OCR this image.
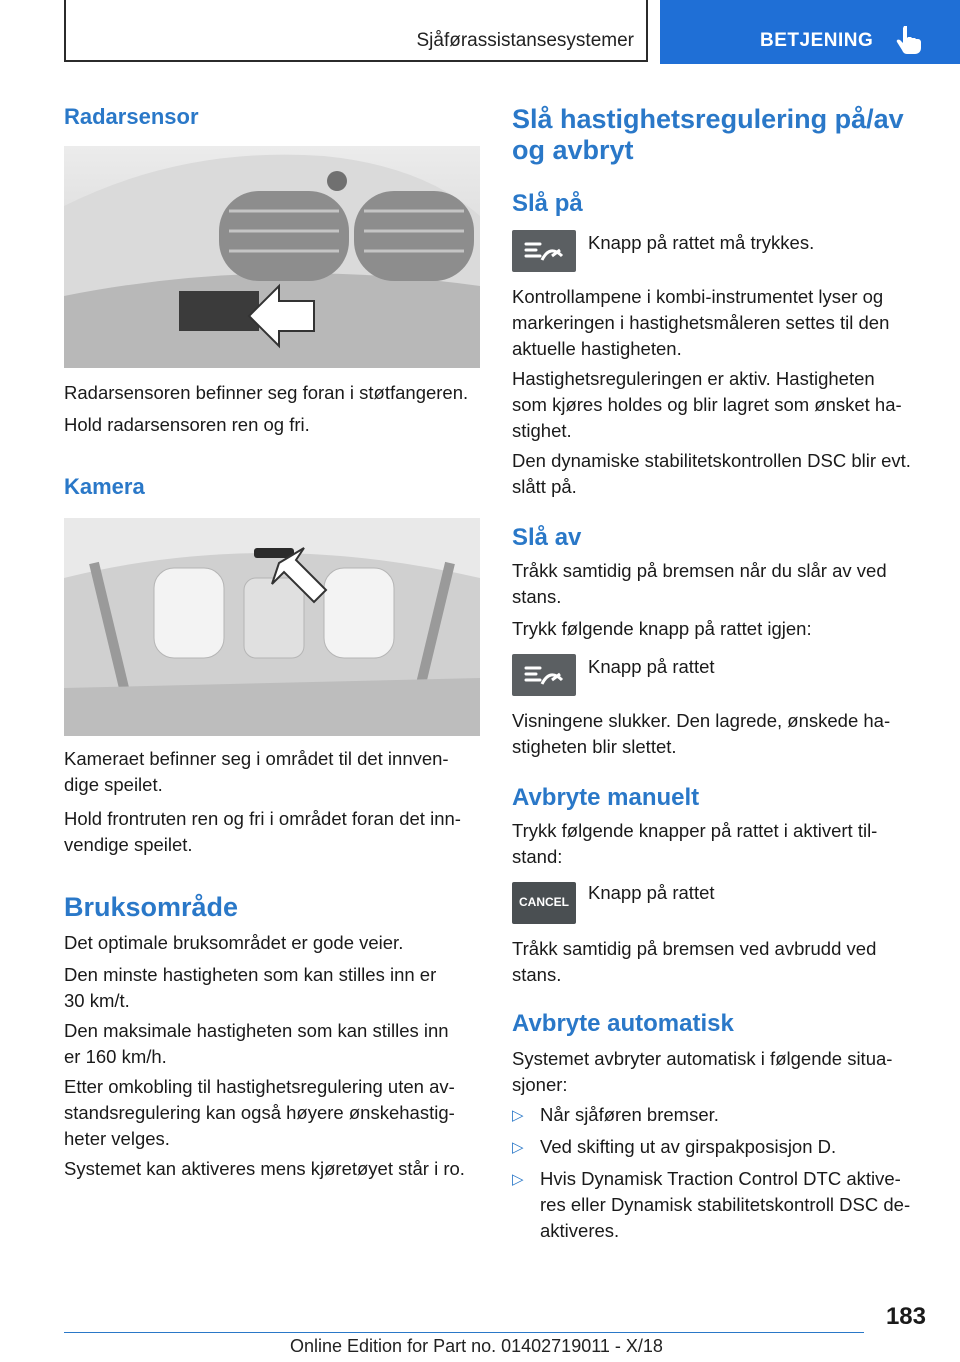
Sjåførassistansesystemer	BETJENING
Radarsensor

Radarsensoren befinner seg foran i støtfangeren.

Hold radarsensoren ren og fri.

Kamera

Kameraet befinner seg i området til det innven-
dige speilet.

Hold frontruten ren og fri i området foran det inn-
vendige speilet.

Bruksområde

Det optimale bruksområdet er gode veier.

Den minste hastigheten som kan stilles inn er
30 km/t.

Den maksimale hastigheten som kan stilles inn
er 160 km/h.

Etter omkobling til hastighetsregulering uten av-
standsregulering kan også høyere ønskehastig-
heter velges.

Systemet kan aktiveres mens kjøretøyet står i ro.

Slå hastighetsregulering på/av
og avbryt
Slå på

Knapp på rattet må trykkes.

Kontrollampene i kombi-instrumentet lyser og
markeringen i hastighetsmåleren settes til den
aktuelle hastigheten.

Hastighetsreguleringen er aktiv. Hastigheten
som kjøres holdes og blir lagret som ønsket ha-
stighet.

Den dynamiske stabilitetskontrollen DSC blir evt.
slått på.

Slå av

Tråkk samtidig på bremsen når du slår av ved
stans.

Trykk følgende knapp på rattet igjen:

Knapp på rattet

Visningene slukker. Den lagrede, ønskede ha-
stigheten blir slettet.

Avbryte manuelt

Trykk følgende knapper på rattet i aktivert til-
stand:

CANCEL	Knapp på rattet

Tråkk samtidig på bremsen ved avbrudd ved
stans.

Avbryte automatisk

Systemet avbryter automatisk i følgende situa-
sjoner:

▷ Når sjåføren bremser.

▷ Ved skifting ut av girspakposisjon D.

▷ Hvis Dynamisk Traction Control DTC aktive-
res eller Dynamisk stabilitetskontroll DSC de-
aktiveres.

183
Online Edition for Part no. 01402719011 - X/18
